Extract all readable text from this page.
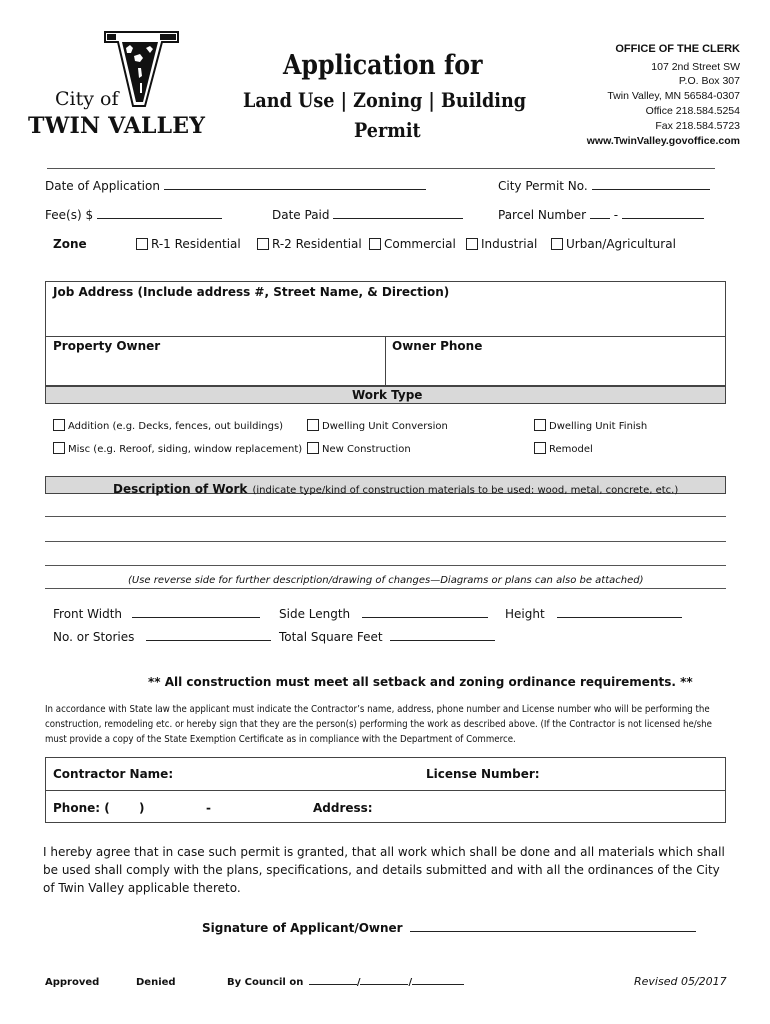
City of
TWIN VALLEY
Application for
Land Use | Zoning | Building
Permit
OFFICE OF THE CLERK
107 2nd Street SW
P.O. Box 307
Twin Valley, MN 56584-0307
Office 218.584.5254
Fax 218.584.5723
www.TwinValley.govoffice.com
Date of Application	City Permit No.
Fee(s) $	Date Paid	Parcel Number -
Zone	R-1 Residential	R-2 Residential	Commercial	Industrial	Urban/Agricultural
Job Address (Include address #, Street Name, & Direction)
Property Owner	Owner Phone
Work Type
Addition (e.g. Decks, fences, out buildings)	Dwelling Unit Conversion	Dwelling Unit Finish
Misc (e.g. Reroof, siding, window replacement)	New Construction	Remodel
Description of Work (indicate type/kind of construction materials to be used: wood, metal, concrete, etc.)
(Use reverse side for further description/drawing of changes—Diagrams or plans can also be attached)
Front Width	Side Length	Height
No. or Stories	Total Square Feet
** All construction must meet all setback and zoning ordinance requirements. **
In accordance with State law the applicant must indicate the Contractor’s name, address, phone number and License number who will be performing the
construction, remodeling etc. or hereby sign that they are the person(s) performing the work as described above. (If the Contractor is not licensed he/she
must provide a copy of the State Exemption Certificate as in compliance with the Department of Commerce.
Contractor Name:	License Number:
Phone: ( )	-	Address:
I hereby agree that in case such permit is granted, that all work which shall be done and all materials which shall
be used shall comply with the plans, specifications, and details submitted and with all the ordinances of the City
of Twin Valley applicable thereto.
Signature of Applicant/Owner
Approved	Denied	By Council on	/	/	Revised 05/2017
